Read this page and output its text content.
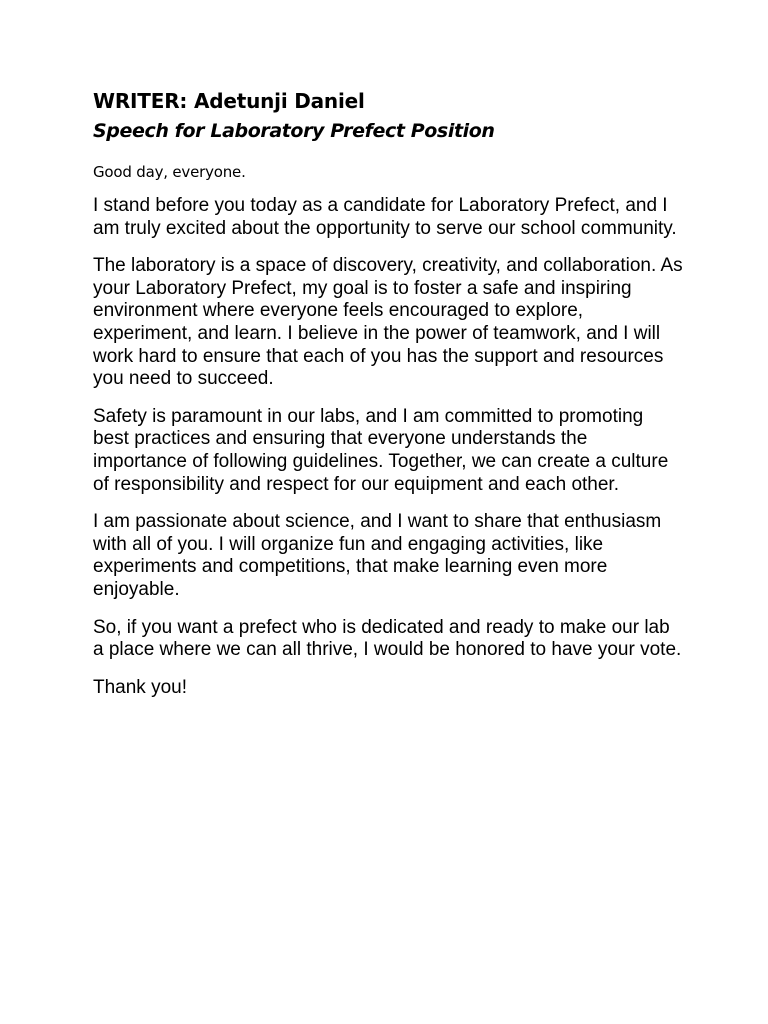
WRITER: Adetunji Daniel
Speech for Laboratory Prefect Position

Good day, everyone.

I stand before you today as a candidate for Laboratory Prefect, and I am truly excited about the opportunity to serve our school community.

The laboratory is a space of discovery, creativity, and collaboration. As your Laboratory Prefect, my goal is to foster a safe and inspiring environment where everyone feels encouraged to explore, experiment, and learn. I believe in the power of teamwork, and I will work hard to ensure that each of you has the support and resources you need to succeed.

Safety is paramount in our labs, and I am committed to promoting best practices and ensuring that everyone understands the importance of following guidelines. Together, we can create a culture of responsibility and respect for our equipment and each other.

I am passionate about science, and I want to share that enthusiasm with all of you. I will organize fun and engaging activities, like experiments and competitions, that make learning even more enjoyable.

So, if you want a prefect who is dedicated and ready to make our lab a place where we can all thrive, I would be honored to have your vote.

Thank you!
